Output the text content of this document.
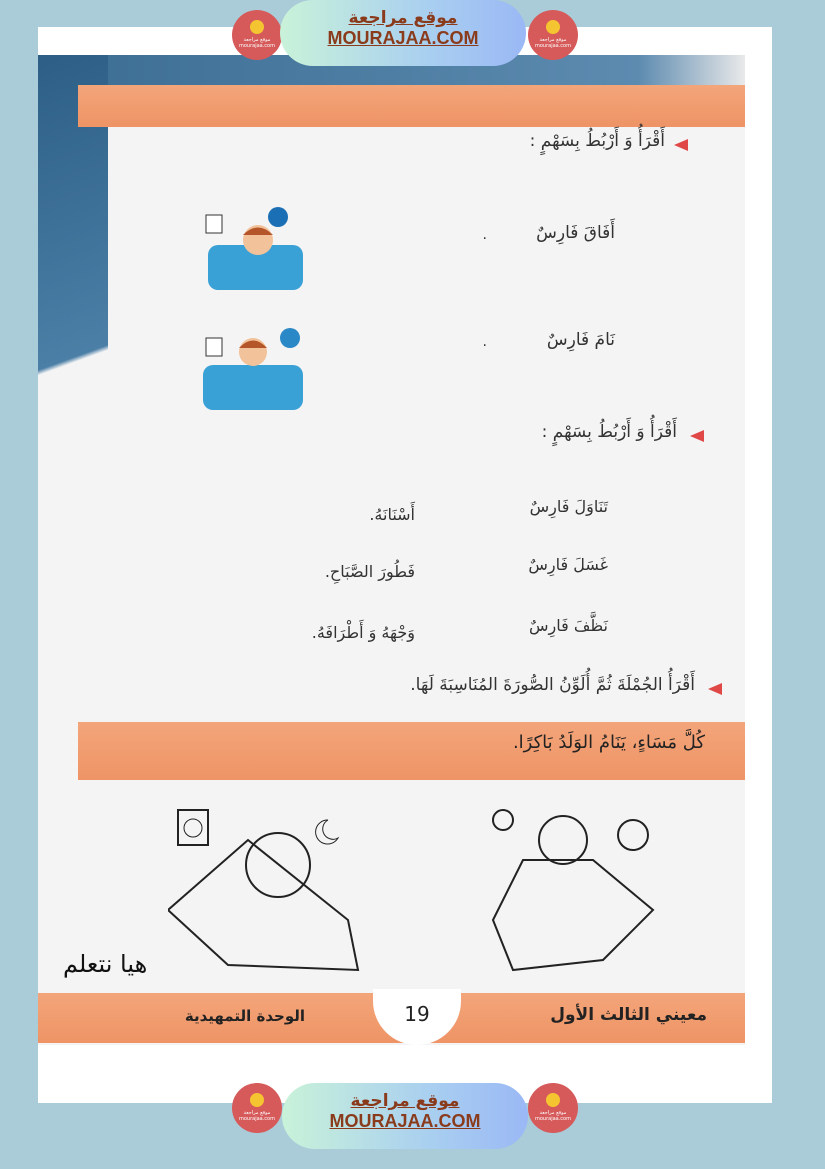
أَقْرَأُ وَ أَرْبُطُ بِسَهْمٍ :
أَفَاقَ فَارِسٌ
.
نَامَ فَارِسٌ
.
أَقْرَأُ وَ أَرْبُطُ بِسَهْمٍ :
تَنَاوَلَ فَارِسٌ
غَسَلَ فَارِسٌ
نَظَّفَ فَارِسٌ
أَسْنَانَهُ.
فَطُورَ الصَّبَاحِ.
وَجْهَهُ وَ أَطْرَافَهُ.
أَقْرَأُ الجُمْلَةَ ثُمَّ أُلَوِّنُ الصُّورَةَ المُنَاسِبَةَ لَهَا.
كُلَّ مَسَاءٍ، يَنَامُ الوَلَدُ بَاكِرًا.
هيا نتعلم
19	معيني الثالث الأول
الوحدة التمهيدية
موقع مراجعة mourajaa.com
موقع مراجعة mourajaa.com
موقع مراجعة
MOURAJAA.COM
موقع مراجعة mourajaa.com
موقع مراجعة mourajaa.com
موقع مراجعة
MOURAJAA.COM
